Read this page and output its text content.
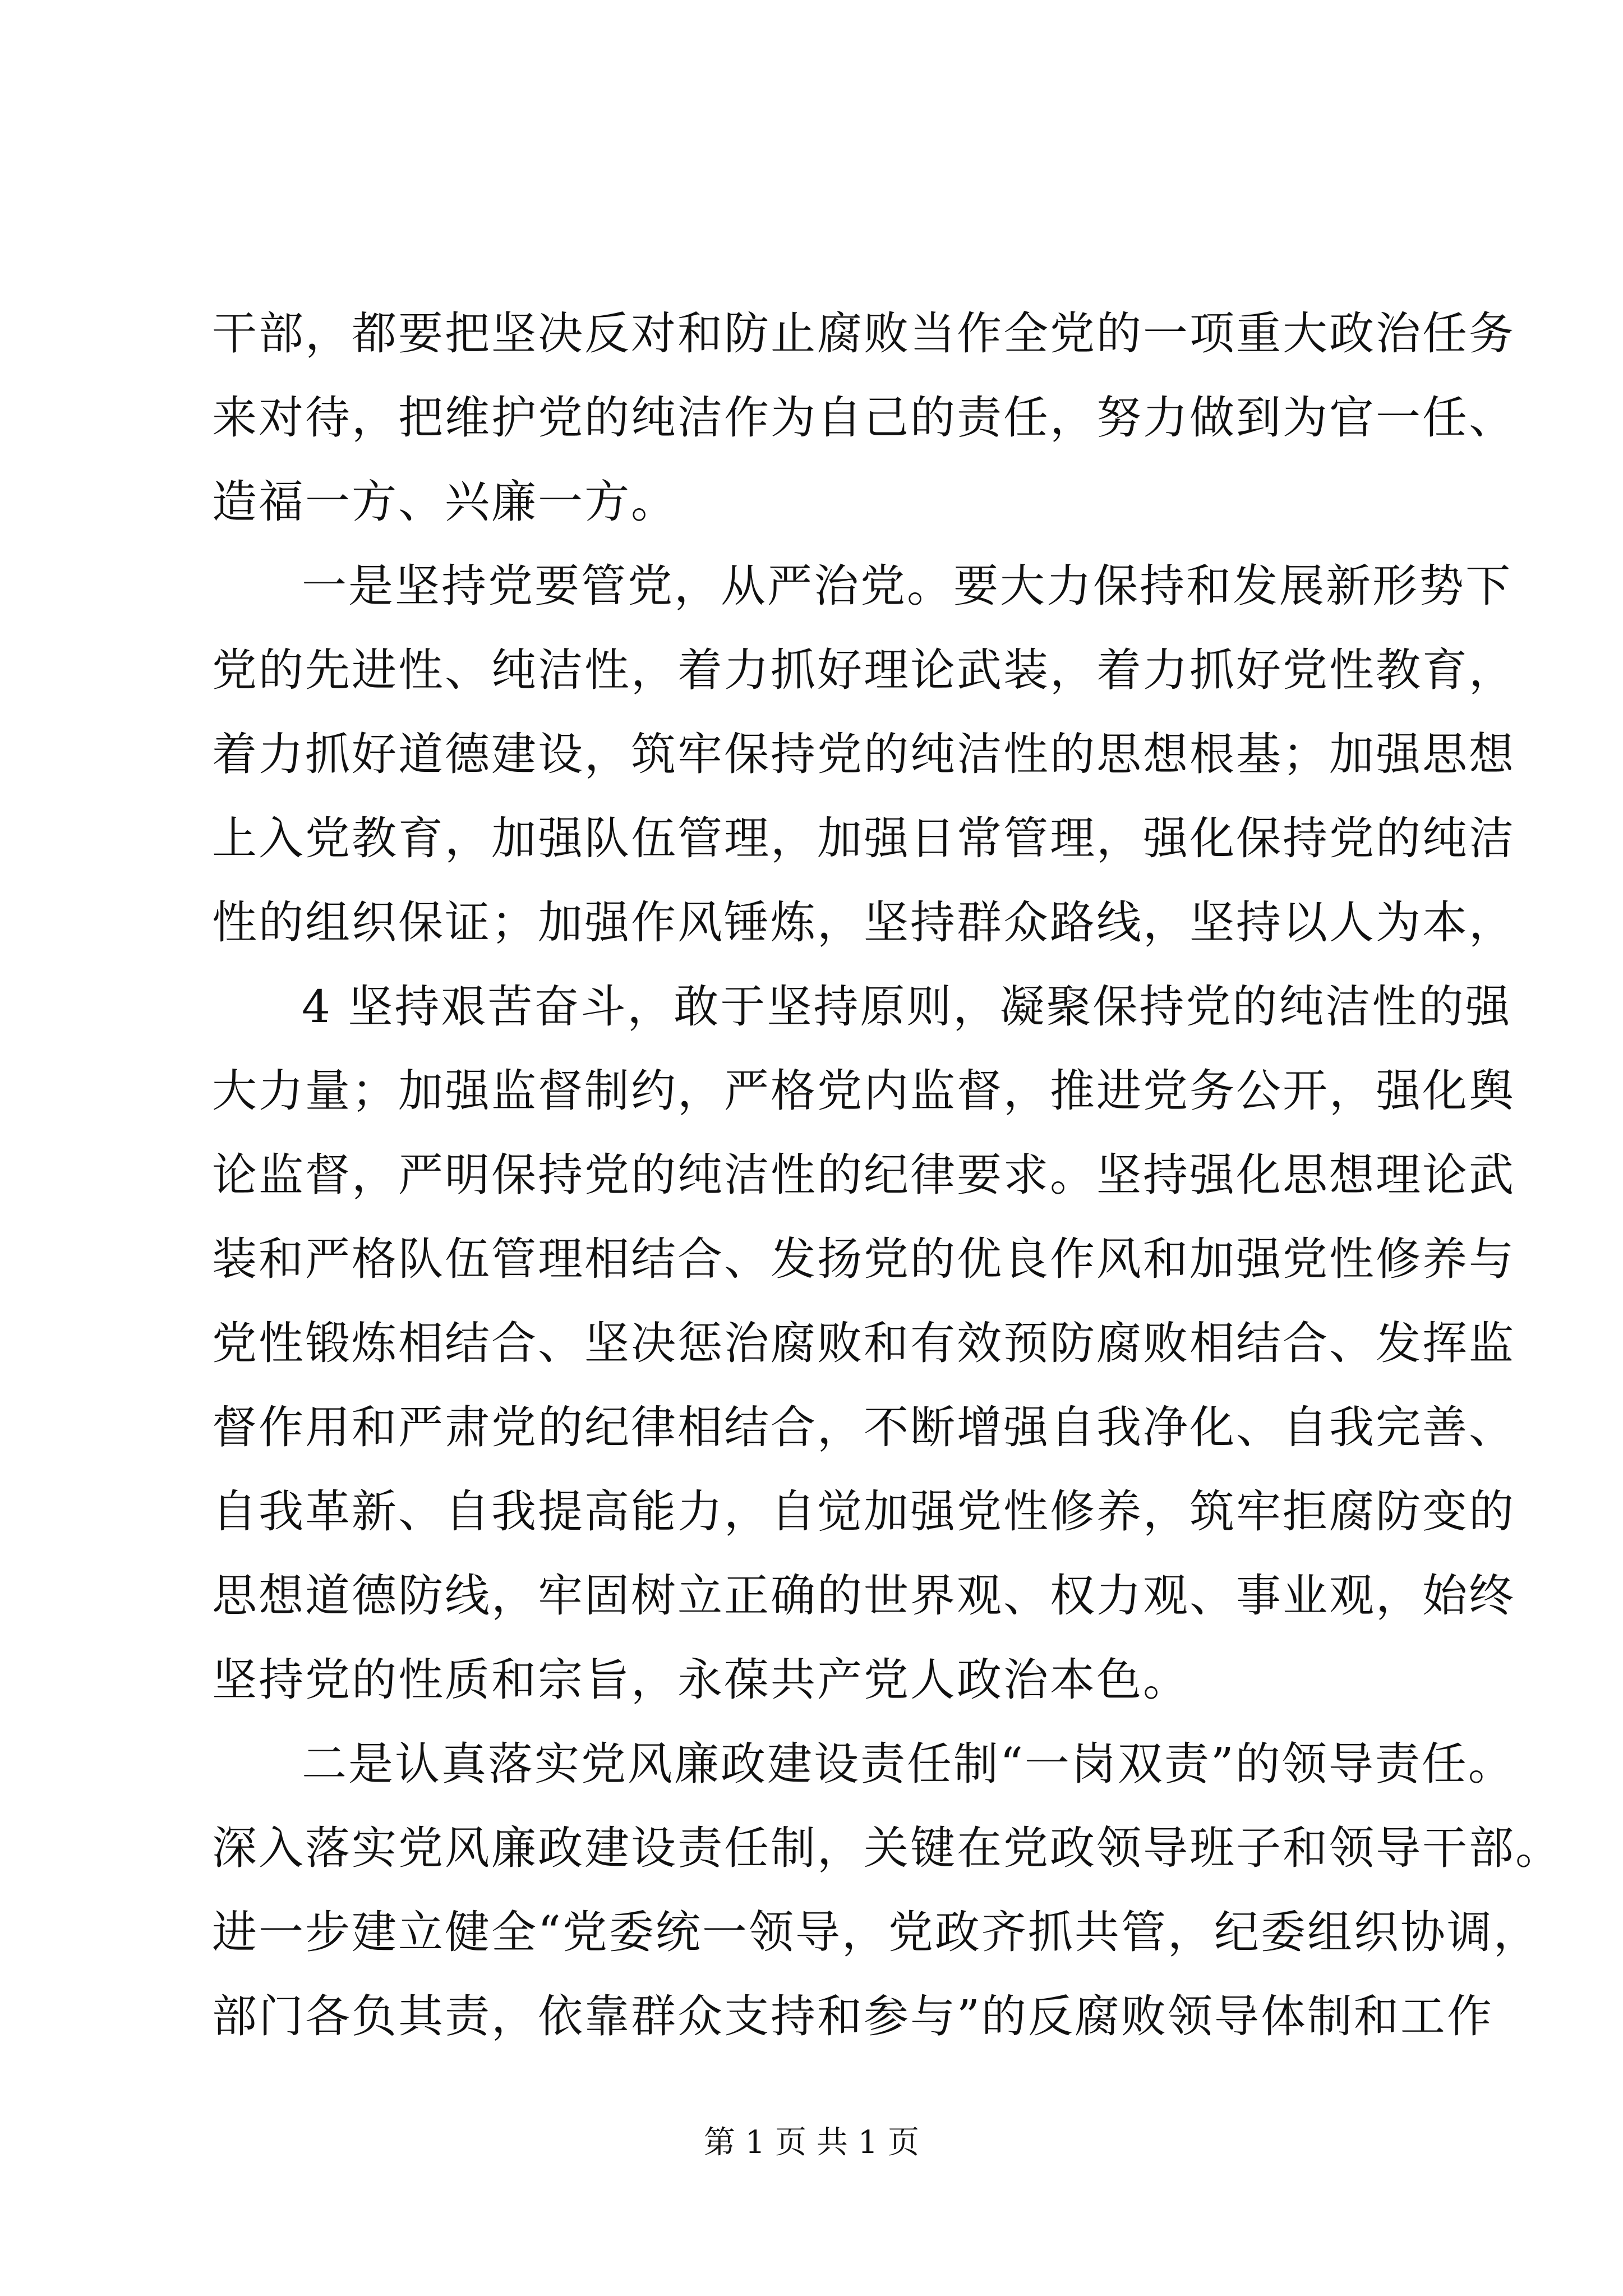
干部，都要把坚决反对和防止腐败当作全党的一项重大政治任务
来对待，把维护党的纯洁作为自己的责任，努力做到为官一任、
造福一方、兴廉一方。
一是坚持党要管党，从严治党。要大力保持和发展新形势下
党的先进性、纯洁性，着力抓好理论武装，着力抓好党性教育，
着力抓好道德建设，筑牢保持党的纯洁性的思想根基；加强思想
上入党教育，加强队伍管理，加强日常管理，强化保持党的纯洁
性的组织保证；加强作风锤炼，坚持群众路线，坚持以人为本，
4 坚持艰苦奋斗，敢于坚持原则，凝聚保持党的纯洁性的强
大力量；加强监督制约，严格党内监督，推进党务公开，强化舆
论监督，严明保持党的纯洁性的纪律要求。坚持强化思想理论武
装和严格队伍管理相结合、发扬党的优良作风和加强党性修养与
党性锻炼相结合、坚决惩治腐败和有效预防腐败相结合、发挥监
督作用和严肃党的纪律相结合，不断增强自我净化、自我完善、
自我革新、自我提高能力，自觉加强党性修养，筑牢拒腐防变的
思想道德防线，牢固树立正确的世界观、权力观、事业观，始终
坚持党的性质和宗旨，永葆共产党人政治本色。
二是认真落实党风廉政建设责任制“一岗双责”的领导责任。
深入落实党风廉政建设责任制，关键在党政领导班子和领导干部。
进一步建立健全“党委统一领导，党政齐抓共管，纪委组织协调，
部门各负其责，依靠群众支持和参与”的反腐败领导体制和工作
第 1 页 共 1 页
